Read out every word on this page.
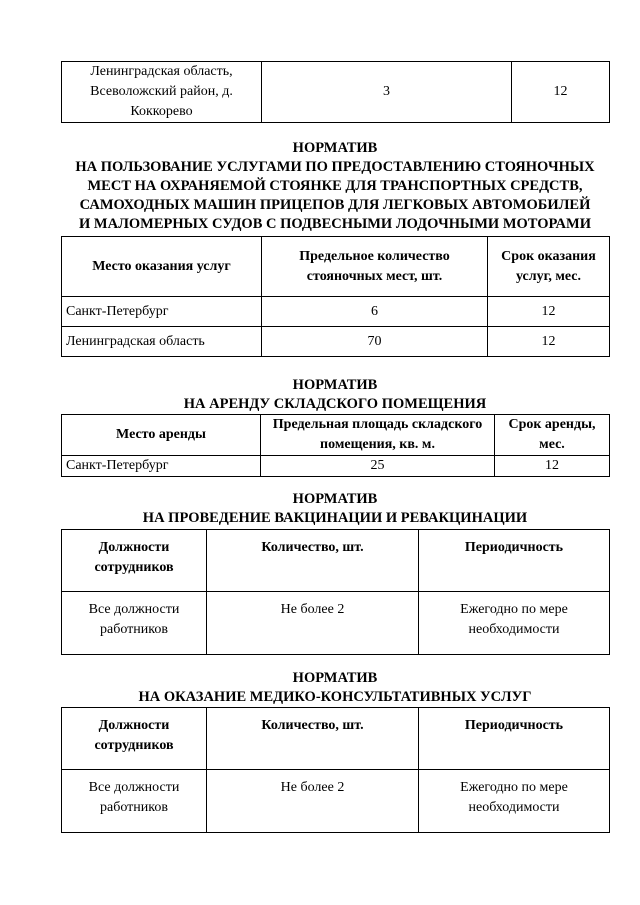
Ленинградская область, Всеволожский район, д. Коккорево	3	12
НОРМАТИВ
НА ПОЛЬЗОВАНИЕ УСЛУГАМИ ПО ПРЕДОСТАВЛЕНИЮ СТОЯНОЧНЫХ
МЕСТ НА ОХРАНЯЕМОЙ СТОЯНКЕ ДЛЯ ТРАНСПОРТНЫХ СРЕДСТВ,
САМОХОДНЫХ МАШИН ПРИЦЕПОВ ДЛЯ ЛЕГКОВЫХ АВТОМОБИЛЕЙ
И МАЛОМЕРНЫХ СУДОВ С ПОДВЕСНЫМИ ЛОДОЧНЫМИ МОТОРАМИ
Место оказания услуг	Предельное количество стояночных мест, шт.	Срок оказания услуг, мес.
Санкт-Петербург	6	12
Ленинградская область	70	12
НОРМАТИВ
НА АРЕНДУ СКЛАДСКОГО ПОМЕЩЕНИЯ
Место аренды	Предельная площадь складского помещения, кв. м.	Срок аренды, мес.
Санкт-Петербург	25	12
НОРМАТИВ
НА ПРОВЕДЕНИЕ ВАКЦИНАЦИИ И РЕВАКЦИНАЦИИ
Должности сотрудников	Количество, шт.	Периодичность
Все должности работников	Не более 2	Ежегодно по мере необходимости
НОРМАТИВ
НА ОКАЗАНИЕ МЕДИКО-КОНСУЛЬТАТИВНЫХ УСЛУГ
Должности сотрудников	Количество, шт.	Периодичность
Все должности работников	Не более 2	Ежегодно по мере необходимости
